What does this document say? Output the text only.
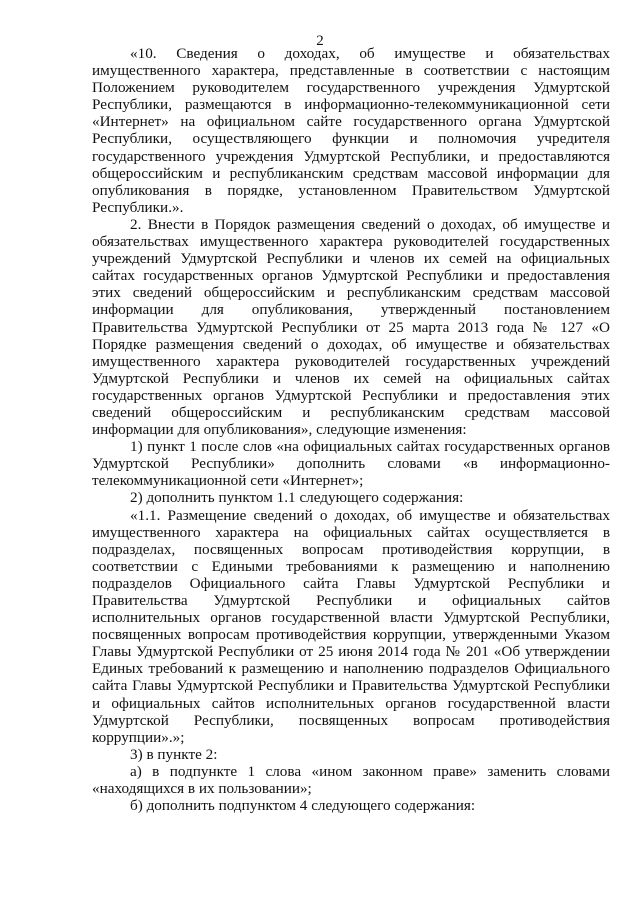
2

«10. Сведения о доходах, об имуществе и обязательствах имущественного характера, представленные в соответствии с настоящим Положением руководителем государственного учреждения Удмуртской Республики, размещаются в информационно-телекоммуникационной сети «Интернет» на официальном сайте государственного органа Удмуртской Республики, осуществляющего функции и полномочия учредителя государственного учреждения Удмуртской Республики, и предоставляются общероссийским и республиканским средствам массовой информации для опубликования в порядке, установленном Правительством Удмуртской Республики.».

2. Внести в Порядок размещения сведений о доходах, об имуществе и обязательствах имущественного характера руководителей государственных учреждений Удмуртской Республики и членов их семей на официальных сайтах государственных органов Удмуртской Республики и предоставления этих сведений общероссийским и республиканским средствам массовой информации для опубликования, утвержденный постановлением Правительства Удмуртской Республики от 25 марта 2013 года № 127 «О Порядке размещения сведений о доходах, об имуществе и обязательствах имущественного характера руководителей государственных учреждений Удмуртской Республики и членов их семей на официальных сайтах государственных органов Удмуртской Республики и предоставления этих сведений общероссийским и республиканским средствам массовой информации для опубликования», следующие изменения:

1) пункт 1 после слов «на официальных сайтах государственных органов Удмуртской Республики» дополнить словами «в информационно-телекоммуникационной сети «Интернет»;

2) дополнить пунктом 1.1 следующего содержания:

«1.1. Размещение сведений о доходах, об имуществе и обязательствах имущественного характера на официальных сайтах осуществляется в подразделах, посвященных вопросам противодействия коррупции, в соответствии с Едиными требованиями к размещению и наполнению подразделов Официального сайта Главы Удмуртской Республики и Правительства Удмуртской Республики и официальных сайтов исполнительных органов государственной власти Удмуртской Республики, посвященных вопросам противодействия коррупции, утвержденными Указом Главы Удмуртской Республики от 25 июня 2014 года № 201 «Об утверждении Единых требований к размещению и наполнению подразделов Официального сайта Главы Удмуртской Республики и Правительства Удмуртской Республики и официальных сайтов исполнительных органов государственной власти Удмуртской Республики, посвященных вопросам противодействия коррупции».»;

3) в пункте 2:

а) в подпункте 1 слова «ином законном праве» заменить словами «находящихся в их пользовании»;

б) дополнить подпунктом 4 следующего содержания:
